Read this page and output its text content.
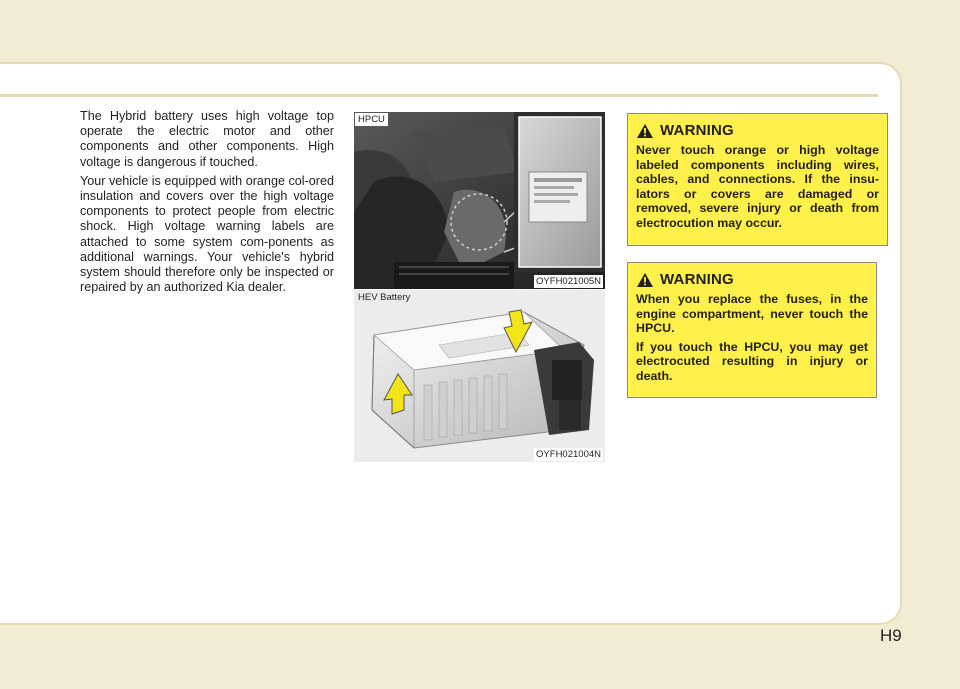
The Hybrid battery uses high voltage top operate the electric motor and other components and other components. High voltage is dangerous if touched.

Your vehicle is equipped with orange col-ored insulation and covers over the high voltage components to protect people from electric shock. High voltage warning labels are attached to some system com-ponents as additional warnings. Your vehicle's hybrid system should therefore only be inspected or repaired by an authorized Kia dealer.

HPCU
OYFH021005N
HEV Battery
OYFH021004N
WARNING

Never touch orange or high voltage labeled components including wires, cables, and connections. If the insu-lators or covers are damaged or removed, severe injury or death from electrocution may occur.

WARNING

When you replace the fuses, in the engine compartment, never touch the HPCU.

If you touch the HPCU, you may get electrocuted resulting in injury or death.

H9
